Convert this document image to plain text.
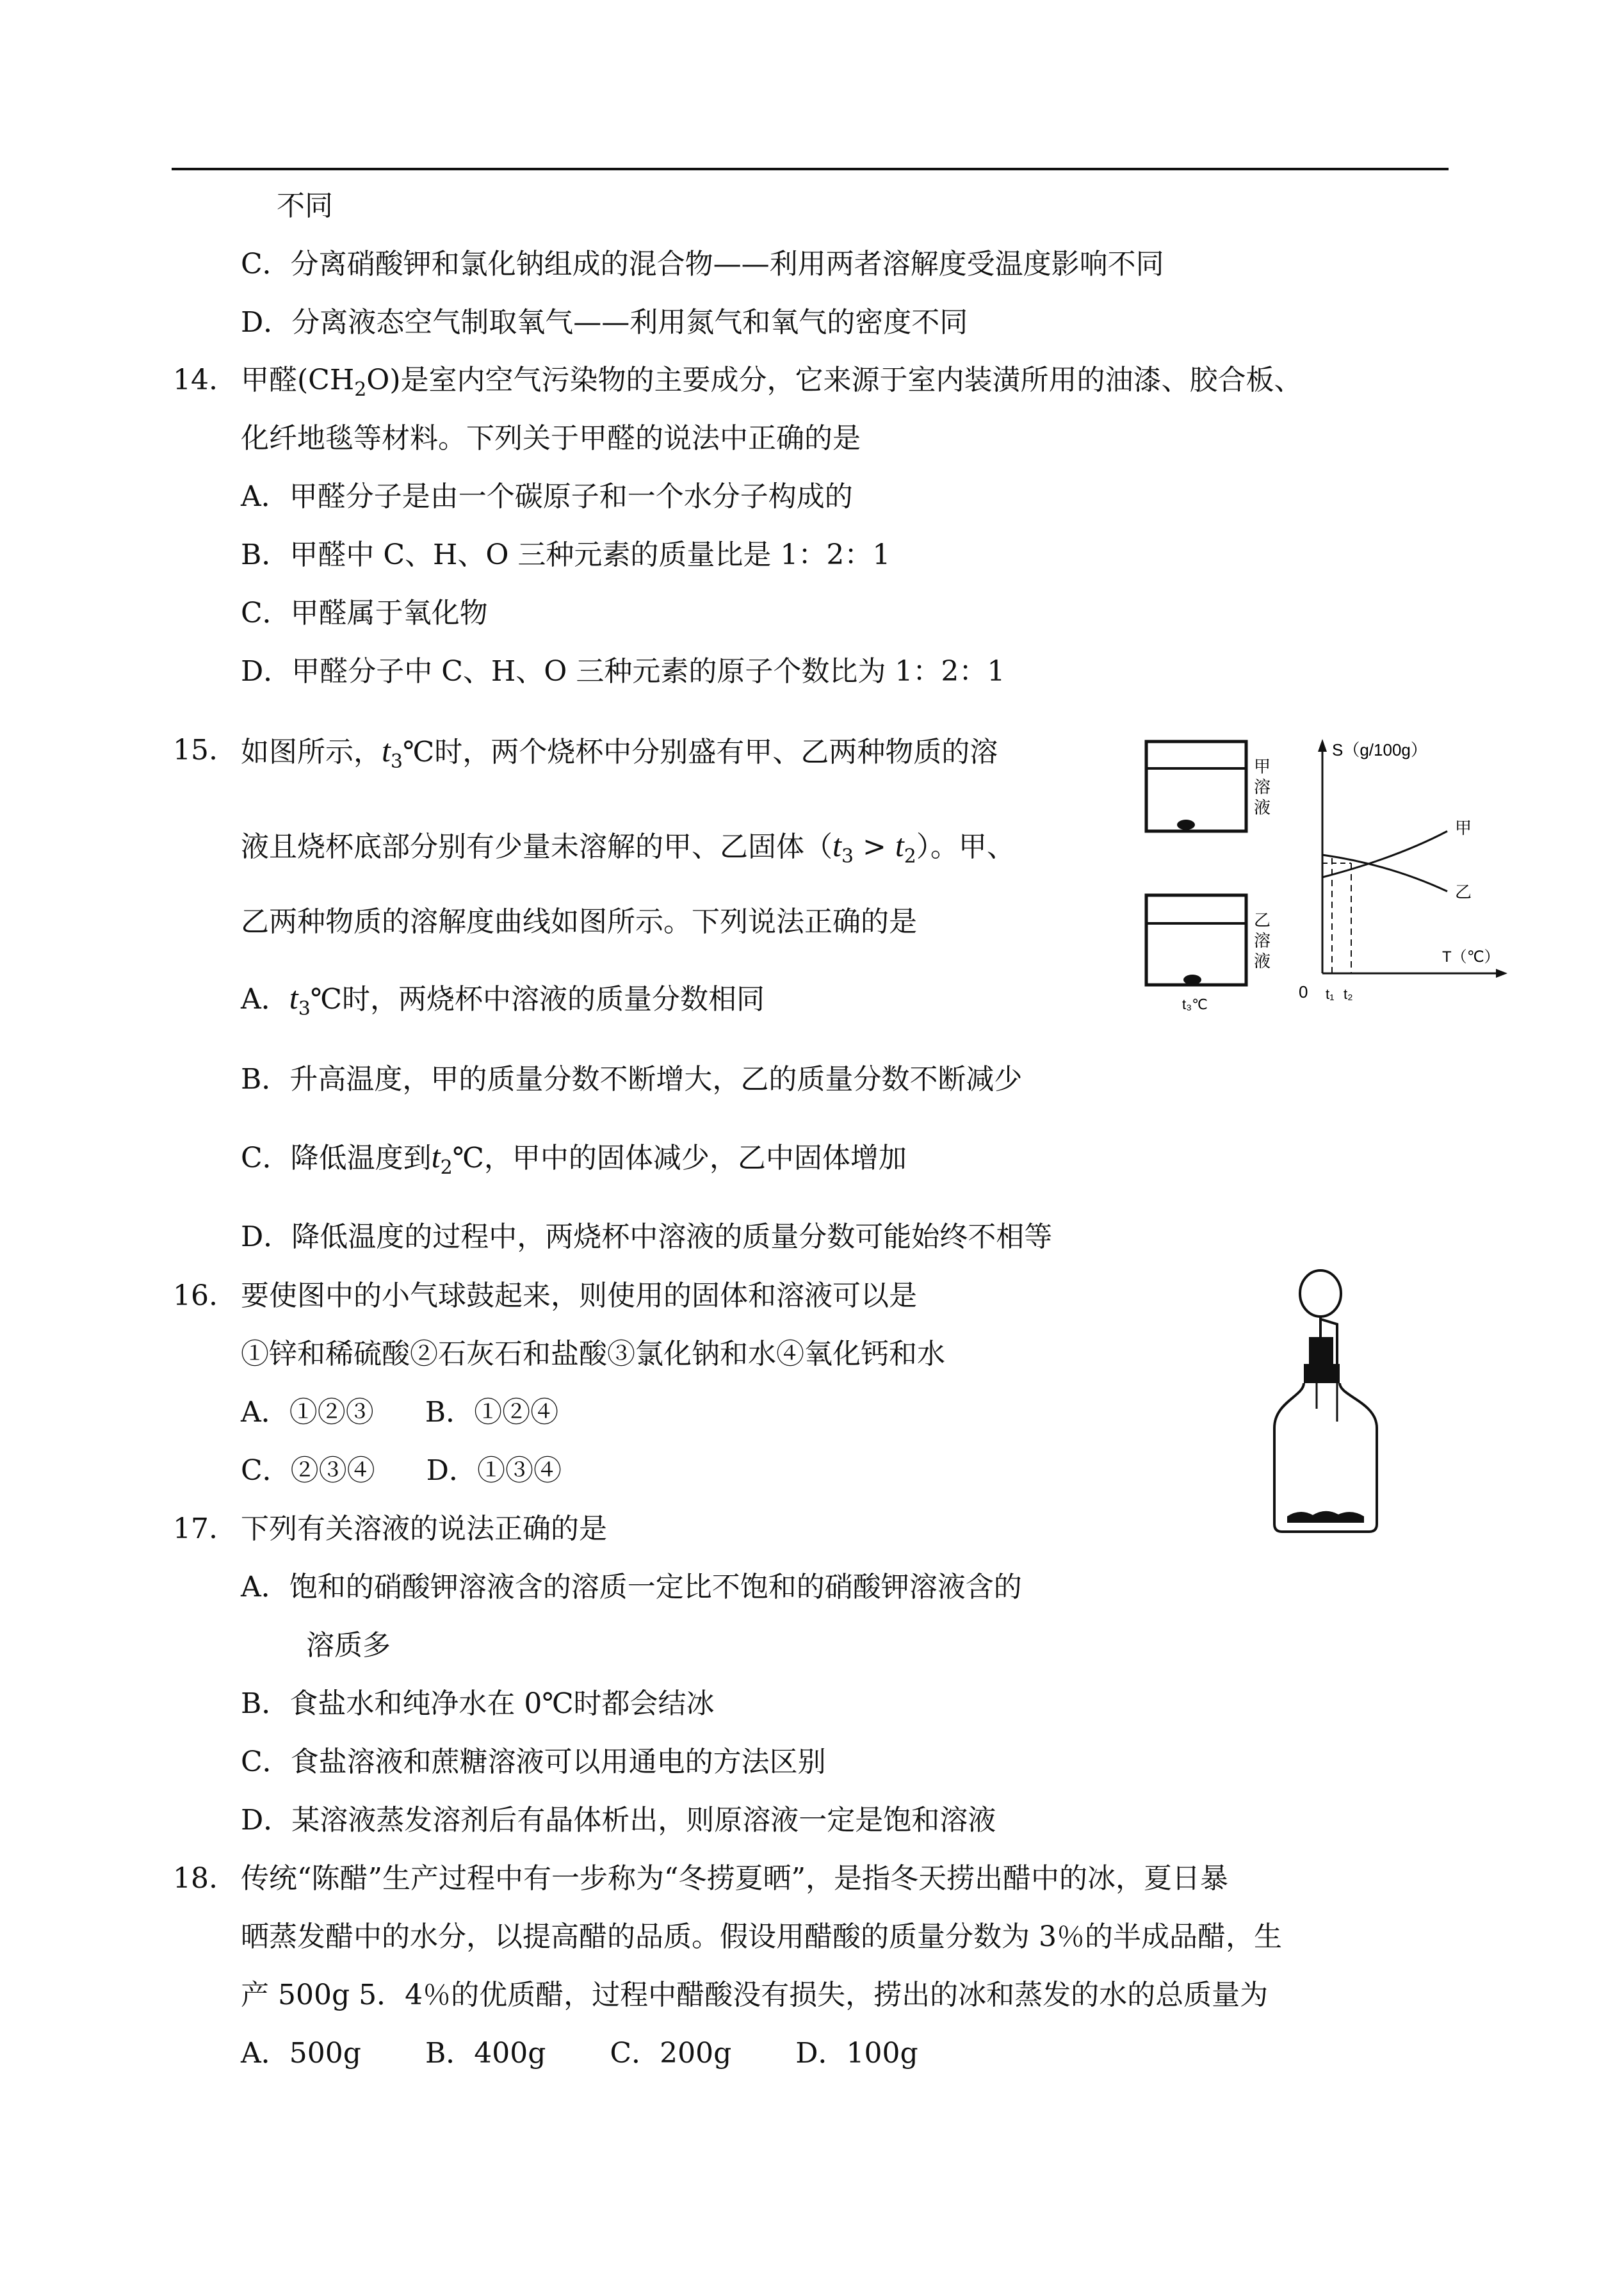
不同
C．分离硝酸钾和氯化钠组成的混合物——利用两者溶解度受温度影响不同
D．分离液态空气制取氧气——利用氮气和氧气的密度不同
14. 甲醛$(CH_2O)$是室内空气污染物的主要成分，它来源于室内装潢所用的油漆、胶合板、
化纤地毯等材料。下列关于甲醛的说法中正确的是
A．甲醛分子是由一个碳原子和一个水分子构成的
B．甲醛中 C、H、O 三种元素的质量比是 1：2：1
C．甲醛属于氧化物
D．甲醛分子中 C、H、O 三种元素的原子个数比为 1：2：1
15. 如图所示，$t_3℃$时，两个烧杯中分别盛有甲、乙两种物质的溶
液且烧杯底部分别有少量未溶解的甲、乙固体$(t_3 > t_2)$。甲、
乙两种物质的溶解度曲线如图所示。下列说法正确的是
A．$t_3℃$时，两烧杯中溶液的质量分数相同
B．升高温度，甲的质量分数不断增大，乙的质量分数不断减少
C．降低温度到$t_2℃$，甲中的固体减少，乙中固体增加
D．降低温度的过程中，两烧杯中溶液的质量分数可能始终不相等
甲
溶
液
乙
溶
液
t₃℃
S（g/100g）
T（℃）
0 t₁ t₂
甲
乙
16. 要使图中的小气球鼓起来，则使用的固体和溶液可以是
①锌和稀硫酸②石灰石和盐酸③氯化钠和水④氧化钙和水
A．①②③ B．①②④
C．②③④ D．①③④
17. 下列有关溶液的说法正确的是
A．饱和的硝酸钾溶液含的溶质一定比不饱和的硝酸钾溶液含的
溶质多
B．食盐水和纯净水在 0℃时都会结冰
C．食盐溶液和蔗糖溶液可以用通电的方法区别
D．某溶液蒸发溶剂后有晶体析出，则原溶液一定是饱和溶液
18. 传统“陈醋”生产过程中有一步称为“冬捞夏晒”，是指冬天捞出醋中的冰，夏日暴
晒蒸发醋中的水分，以提高醋的品质。假设用醋酸的质量分数为 3％的半成品醋，生
产 500g 5．4％的优质醋，过程中醋酸没有损失，捞出的冰和蒸发的水的总质量为
A．500g B．400g C．200g D．100g
